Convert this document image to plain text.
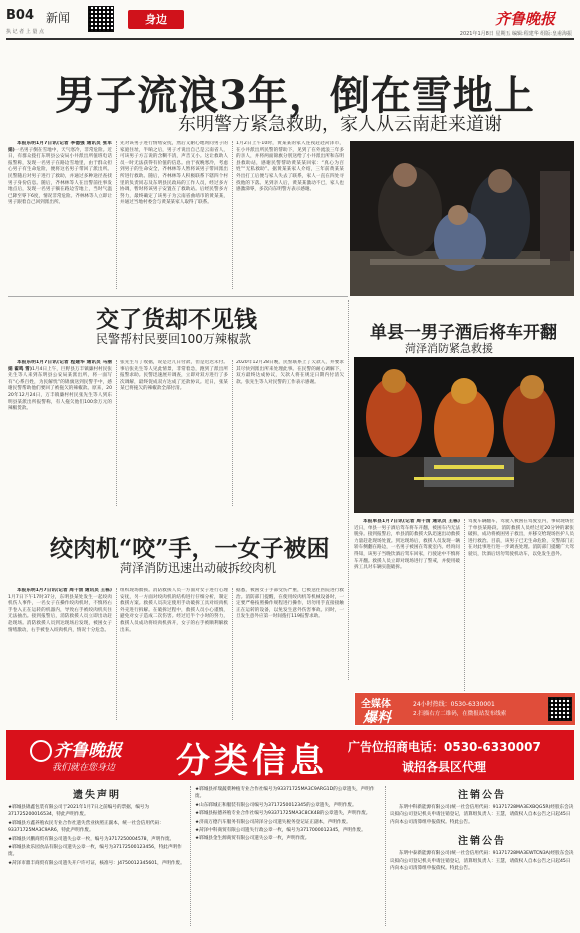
B04 新闻
执 记 者 上 量 点
身边	齐鲁晚报
2021年1月8日 星期五 编辑:程建华 组版:皇甫海振
男子流浪3年，倒在雪地上
东明警方紧急救助，家人从云南赶来道谢

本报东明1月7日讯(记者 李德强 通讯员 张军娟)一名男子倒在雪地中，天气寒冷，非常危险。近日，有群众拨打东明县公安局小井派出所值班电话报警称，发现一名男子在路边雪地里，由于群众担心男子有生命危险，便将这名男子带回了派出所。民警随后对男子进行了救助，并通过多种途径查找男子身份信息。随后，齐林林等人在出警前往事发地点后，发现一名男子躺在路边雪地上，当时气温已降至零下6度，情况非常危险。齐林林等人立即让男子跟着自己回到派出所。

先对该男子进行情绪安抚，然后又耐心地询问男子的家庭住址，半晌之后，男子才说出自己是云南省人，可该男子方言说的含糊不清，声音又小。这让救助人员一时无法获得有价值的信息。由于夜晚寒冷，考虑到男子的生命安全，齐林林等人暂将该男子带回派出所进行救助。随后，齐林林等人积极联系下辖四个村里的负责同志及东明县民政局的工作人员，经过多方协调，暂时将该男子安置在了救助站。后经民警多方努力，最终确定了该男子为云南省曲靖市的黄某某，并通过当地村委会与黄某某家人取得了联系。
1月2日上午10时，黄某某的家人连夜赶赴菏泽市，在小井派出所民警的帮助下，见到了在外流浪三年多的亲人，并将两面锦旗分别送给了小井派出所和东明县救助站，感谢民警帮助黄某某回家：“真心为百姓”“无私救助”。据黄某某家人介绍，三年前黄某某外出打工后便与家人失去了联系，家人一直在四处寻找他的下落。见到亲人后，黄某某激动不已，家人也感激涕零，多次向东明警方表示感谢。
交了货却不见钱
民警帮村民要回100万辣椒款

本报东明1月7日讯(记者 程建华 通讯员 马丽娟 翟鸣 雪)1月4日上午，巨野县万丰镇廉村村民张先生等人来到东明县公安局某派出所，将一面写有“心系百姓，为民解忧”的锦旗送到民警手中，感谢民警帮助他们要回了被拖欠的辣椒款。原来，2020年12月24日，万丰镇廉村村民张先生等人到东明县某派出所报警称，有人拖欠他们100余万元的辣椒货款。

张先生写了收据，说是过几日付款，但是迟迟未付。事后张先生等人见此情景，非常着急，跑到了派出所报警求助。民警迅速展开调查，立即对双方进行了多次调解，最终促成双方达成了还款协议。近日，张某某已将拖欠的辣椒款全部付清。
2020年12月28日晚，民警联系上了欠款人，并要求其尽快到派出所来处理此事。在民警的耐心调解下，双方最终达成协议，欠款人将在规定日期内付清欠款。张先生等人对民警的工作表示感谢。
单县一男子酒后将车开翻
菏泽消防紧急救援

本报单县1月7日讯(记者 周千清 通讯员 王栋)近日，单县一男子酒后驾车将车开翻，被困车内无法脱身。接到报警后，单县消防救援大队迅速出动救援力量赶赴现场处置。到达现场后，救援人员发现一辆轿车侧翻在路边，一名男子被困在驾驶室内。经询问得知，该男子当晚饮酒后驾车回家，行驶途中不慎将车开翻。救援人员立即对现场进行了警戒，并使用破拆工具对车辆实施破拆。

驾驶车辆翻车，驾驶人被困在驾驶室内，事故现场位于单县某路段。消防救援人员经过近20分钟的紧张破拆，成功将被困男子救出，并移交给现场医护人员进行救治。目前，该男子已无生命危险，交警部门正在对此事进行进一步调查处理。消防部门提醒广大驾驶员，饮酒后切勿驾驶机动车，以免发生意外。
绞肉机“咬”手，一女子被困
菏泽消防迅速出动破拆绞肉机

本报东明1月7日讯(记者 周千清 通讯员 王栋)1月7日下午17时37分，东明县某处发生一起绞肉机伤人事件，一名女子在操作绞肉机时，不慎将右手卷入正在运转的机器内，导致右手被绞肉机夹住无法抽出。接到报警后，消防救援人员立即出动赶赴现场。消防救援人员到达现场后发现，被困女子情绪激动，右手被卷入绞肉机内，情况十分危急。

组织现场救援。消防救援人员一方面对女子进行心理安抚，另一方面对绞肉机的结构进行仔细分析，制定救援方案。救援人员决定使用手动破拆工具对绞肉机外壳进行拆解。在破拆过程中，救援人员小心谨慎，避免对女子造成二次伤害。经过近半个小时的努力，救援人员成功将绞肉机拆开，女子的右手被顺利解救出来。
据悉，被困女子手部受伤严重，已被送往医院进行救治。消防部门提醒，在使用绞肉机等机械设备时，一定要严格按照操作规程进行操作，切勿用手直接接触正在运转的设备，以免发生意外伤害事故。同时，一旦发生意外应第一时间拨打119报警求助。
全媒体
爆料
24小时热线：0530-6330001
2.扫描右方二维码，在微报站发布线索
齐鲁晚报
我们就在您身边 分类信息 广告位招商电话：0530-6330007
诚招各县区代理
遗失声明

★郓城县锦鑫包装有限公司于2021年1月7日之前编号的票据，编号为371725200016534，特此声明作废。

★郓城县方鑫养殖农民专业合作社遗失营业执照正副本，统一社会信用代码：93371725MA3C9AR6，特此声明作废。

★郓城县兴鹏商贸有限公司遗失公章一枚，编号为3717250004578，声明作废。

★郓城县欢乐园食品有限公司遗失公章一枚，编号为37172500123456，特此声明作废。

★菏泽市鼎丰商贸有限公司遗失开户许可证，核准号：J4750012345601，声明作废。

★郓城县祥瑞蔬菜种植专业合作社编号为93371725MA3C9ARG1D的公章遗失，声明作废。

★山东郓城正和服装有限公司编号为3717250012345的公章遗失，声明作废。

★郓城县振德养殖专业合作社编号为93371725MA3C8CK4B的公章遗失，声明作废。

★济南万德汽车服务有限公司菏泽分公司遗失税务登记证正副本，声明作废。

★菏泽中科商贸有限公司遗失行政公章一枚，编号为3717000012345，声明作废。

★郓城县金生源商贸有限公司遗失公章一枚，声明作废。

注销公告
东明中科新能源有限公司(统一社会信用代码：91371728MA3EXBQG5R)经股东会决议拟向公司登记机关申请注销登记，清算组负责人：王慧，请债权人自本公告之日起45日内向本公司清算组申报债权。特此公告。
注销公告
东明中泰新能源有限公司(统一社会信用代码：91371728MA3EWTCN3A)经股东会决议拟向公司登记机关申请注销登记，清算组负责人：王慧，请债权人自本公告之日起45日内向本公司清算组申报债权。特此公告。
